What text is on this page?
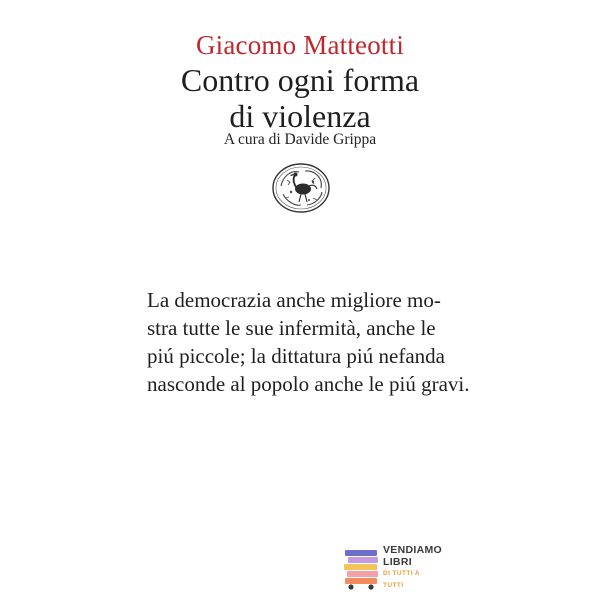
Giacomo Matteotti
Contro ogni forma
di violenza
A cura di Davide Grippa
La democrazia anche migliore mo-
stra tutte le sue infermità, anche le
piú piccole; la dittatura piú nefanda
nasconde al popolo anche le piú gravi.
VENDIAMO
LIBRI
DI TUTTI A TUTTI
